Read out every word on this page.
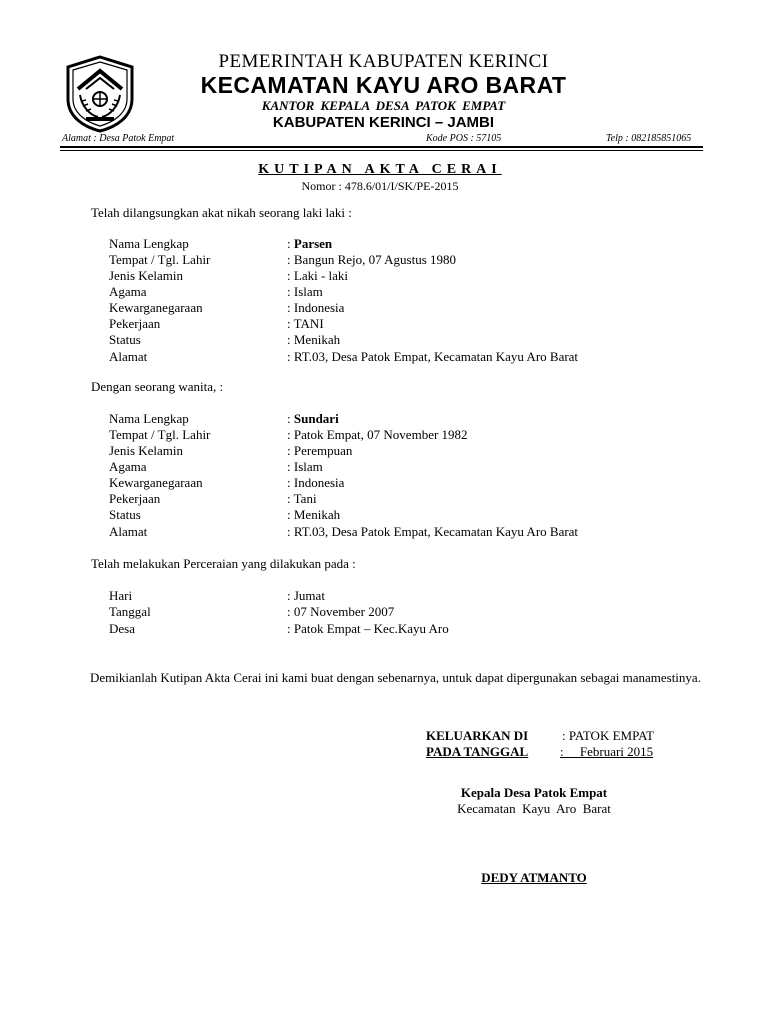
PEMERINTAH KABUPATEN KERINCI
KECAMATAN KAYU ARO BARAT
KANTOR KEPALA DESA PATOK EMPAT
KABUPATEN KERINCI – JAMBI
Alamat : Desa Patok Empat	Kode POS : 57105	Telp : 082185851065
KUTIPAN AKTA CERAI
Nomor : 478.6/01/I/SK/PE-2015
Telah dilangsungkan akat nikah seorang laki laki :
Nama Lengkap	: Parsen
Tempat / Tgl. Lahir	: Bangun Rejo, 07 Agustus 1980
Jenis Kelamin	: Laki - laki
Agama	: Islam
Kewarganegaraan	: Indonesia
Pekerjaan	: TANI
Status	: Menikah
Alamat	: RT.03, Desa Patok Empat, Kecamatan Kayu Aro Barat
Dengan seorang wanita, :
Nama Lengkap	: Sundari
Tempat / Tgl. Lahir	: Patok Empat, 07 November 1982
Jenis Kelamin	: Perempuan
Agama	: Islam
Kewarganegaraan	: Indonesia
Pekerjaan	: Tani
Status	: Menikah
Alamat	: RT.03, Desa Patok Empat, Kecamatan Kayu Aro Barat
Telah melakukan Perceraian yang dilakukan pada :
Hari	: Jumat
Tanggal	: 07 November 2007
Desa	: Patok Empat – Kec.Kayu Aro
Demikianlah Kutipan Akta Cerai ini kami buat dengan sebenarnya, untuk dapat dipergunakan sebagai manamestinya.
KELUARKAN DI	: PATOK EMPAT
PADA TANGGAL	:     Februari 2015
Kepala Desa Patok Empat
Kecamatan  Kayu  Aro  Barat
DEDY ATMANTO
